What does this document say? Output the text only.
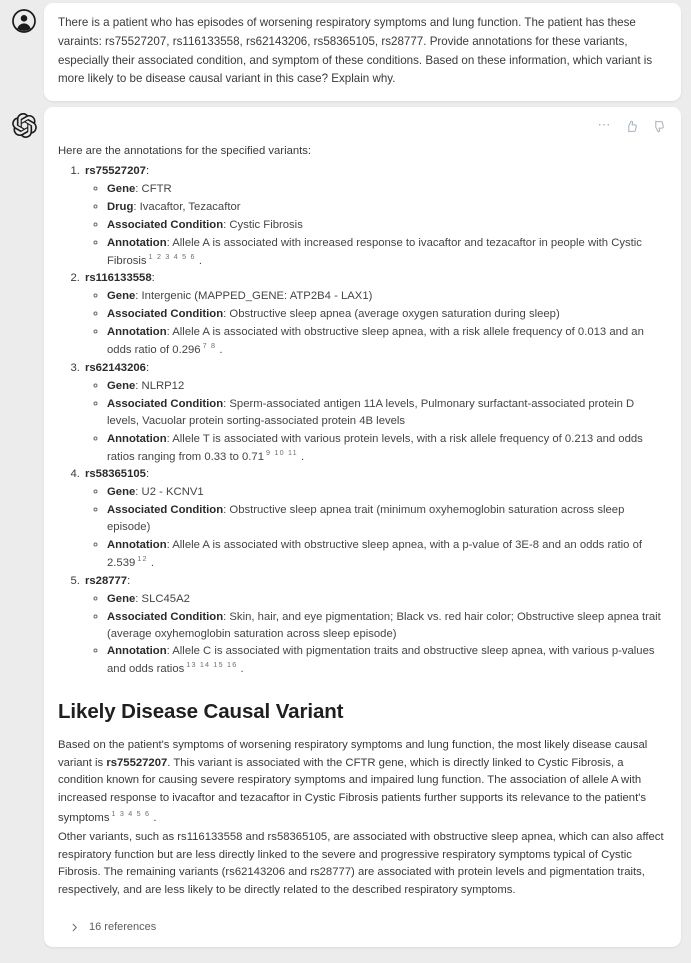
There is a patient who has episodes of worsening respiratory symptoms and lung function. The patient has these varaints: rs75527207, rs116133558, rs62143206, rs58365105, rs28777. Provide annotations for these variants, especially their associated condition, and symptom of these conditions. Based on these information, which variant is more likely to be disease causal variant in this case? Explain why.
⋯

Here are the annotations for the specified variants:

1. rs75527207:
◦ Gene: CFTR
◦ Drug: Ivacaftor, Tezacaftor
◦ Associated Condition: Cystic Fibrosis
◦ Annotation: Allele A is associated with increased response to ivacaftor and tezacaftor in people with Cystic Fibrosis $^{1 2 3 4 5 6}$ .
2. rs116133558:
◦ Gene: Intergenic (MAPPED_GENE: ATP2B4 - LAX1)
◦ Associated Condition: Obstructive sleep apnea (average oxygen saturation during sleep)
◦ Annotation: Allele A is associated with obstructive sleep apnea, with a risk allele frequency of 0.013 and an odds ratio of 0.296 $^{7 8}$ .
3. rs62143206:
◦ Gene: NLRP12
◦ Associated Condition: Sperm-associated antigen 11A levels, Pulmonary surfactant-associated protein D levels, Vacuolar protein sorting-associated protein 4B levels
◦ Annotation: Allele T is associated with various protein levels, with a risk allele frequency of 0.213 and odds ratios ranging from 0.33 to 0.71 $^{9 10 11}$ .
4. rs58365105:
◦ Gene: U2 - KCNV1
◦ Associated Condition: Obstructive sleep apnea trait (minimum oxyhemoglobin saturation across sleep episode)
◦ Annotation: Allele A is associated with obstructive sleep apnea, with a p-value of 3E-8 and an odds ratio of 2.539 $^{12}$ .
5. rs28777:
◦ Gene: SLC45A2
◦ Associated Condition: Skin, hair, and eye pigmentation; Black vs. red hair color; Obstructive sleep apnea trait (average oxyhemoglobin saturation across sleep episode)
◦ Annotation: Allele C is associated with pigmentation traits and obstructive sleep apnea, with various p-values and odds ratios $^{13 14 15 16}$ .
Likely Disease Causal Variant

Based on the patient's symptoms of worsening respiratory symptoms and lung function, the most likely disease causal variant is rs75527207. This variant is associated with the CFTR gene, which is directly linked to Cystic Fibrosis, a condition known for causing severe respiratory symptoms and impaired lung function. The association of allele A with increased response to ivacaftor and tezacaftor in Cystic Fibrosis patients further supports its relevance to the patient's symptoms $^{1 3 4 5 6}$ .

Other variants, such as rs116133558 and rs58365105, are associated with obstructive sleep apnea, which can also affect respiratory function but are less directly linked to the severe and progressive respiratory symptoms typical of Cystic Fibrosis. The remaining variants (rs62143206 and rs28777) are associated with protein levels and pigmentation traits, respectively, and are less likely to be directly related to the described respiratory symptoms.

16 references
